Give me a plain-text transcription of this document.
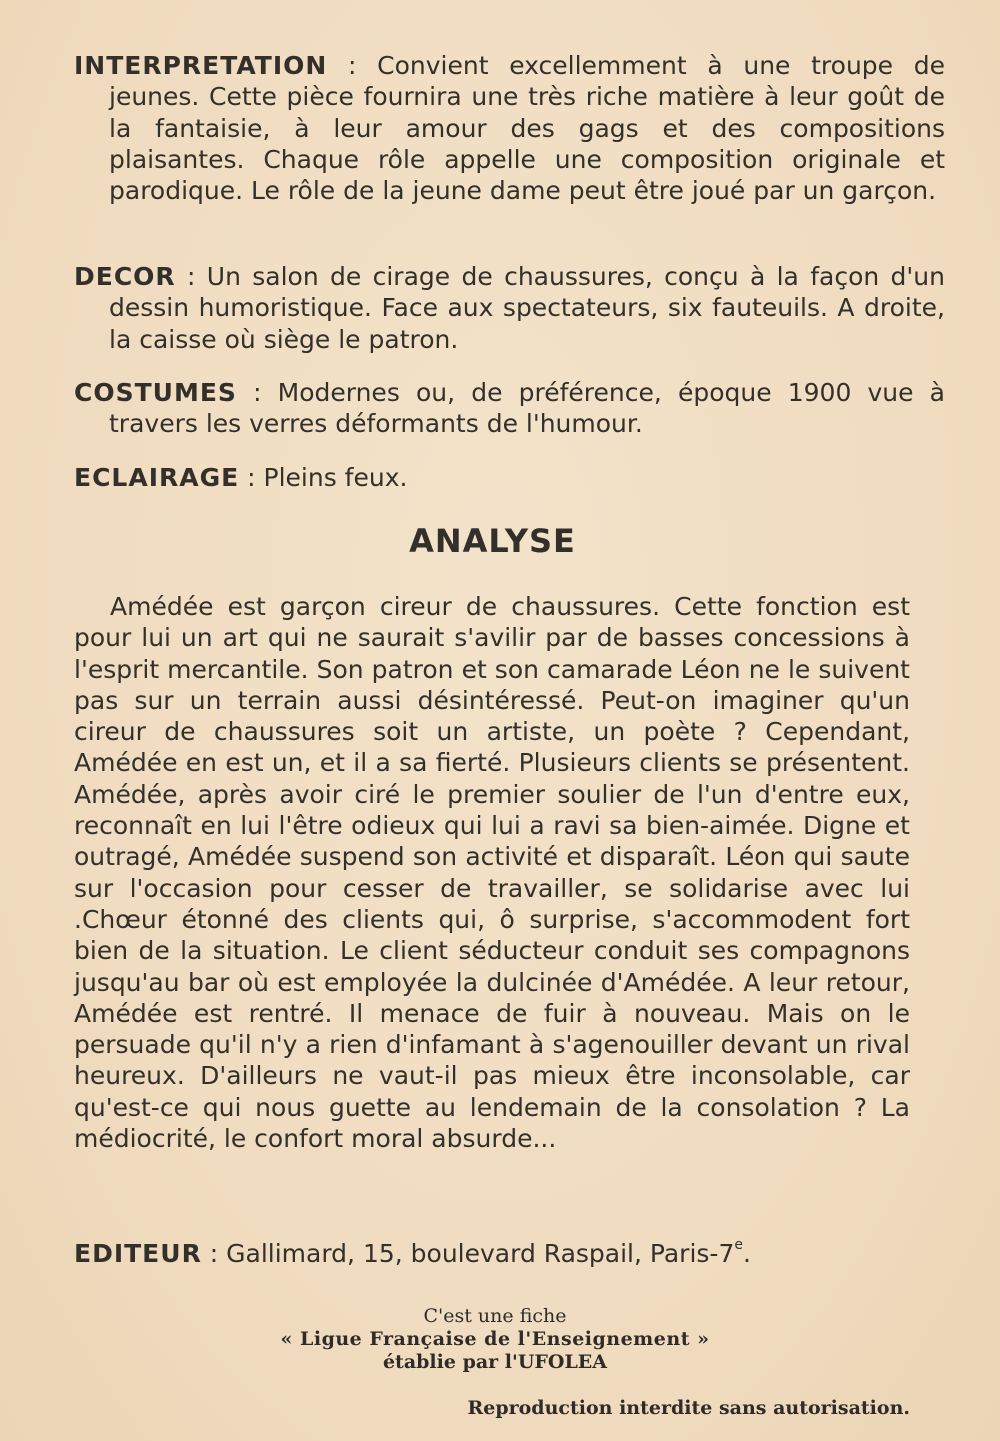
INTERPRETATION : Convient excellemment à une troupe de jeunes. Cette pièce fournira une très riche matière à leur goût de la fantaisie, à leur amour des gags et des compositions plaisantes. Chaque rôle appelle une composition originale et parodique. Le rôle de la jeune dame peut être joué par un garçon.
DECOR : Un salon de cirage de chaussures, conçu à la façon d'un dessin humoristique. Face aux spectateurs, six fauteuils. A droite, la caisse où siège le patron.
COSTUMES : Modernes ou, de préférence, époque 1900 vue à travers les verres déformants de l'humour.
ECLAIRAGE : Pleins feux.
ANALYSE
Amédée est garçon cireur de chaussures. Cette fonction est pour lui un art qui ne saurait s'avilir par de basses concessions à l'esprit mercantile. Son patron et son camarade Léon ne le suivent pas sur un terrain aussi désintéressé. Peut-on imaginer qu'un cireur de chaussures soit un artiste, un poète ? Cependant, Amédée en est un, et il a sa fierté. Plusieurs clients se présentent. Amédée, après avoir ciré le premier soulier de l'un d'entre eux, reconnaît en lui l'être odieux qui lui a ravi sa bien-aimée. Digne et outragé, Amédée suspend son activité et disparaît. Léon qui saute sur l'occasion pour cesser de travailler, se solidarise avec lui .Chœur étonné des clients qui, ô surprise, s'accommodent fort bien de la situation. Le client séducteur conduit ses compagnons jusqu'au bar où est employée la dulcinée d'Amédée. A leur retour, Amédée est rentré. Il menace de fuir à nouveau. Mais on le persuade qu'il n'y a rien d'infamant à s'agenouiller devant un rival heureux. D'ailleurs ne vaut-il pas mieux être inconsolable, car qu'est-ce qui nous guette au lendemain de la consolation ? La médiocrité, le confort moral absurde...
EDITEUR : Gallimard, 15, boulevard Raspail, Paris-7e.
C'est une fiche
« Ligue Française de l'Enseignement »
établie par l'UFOLEA
Reproduction interdite sans autorisation.
